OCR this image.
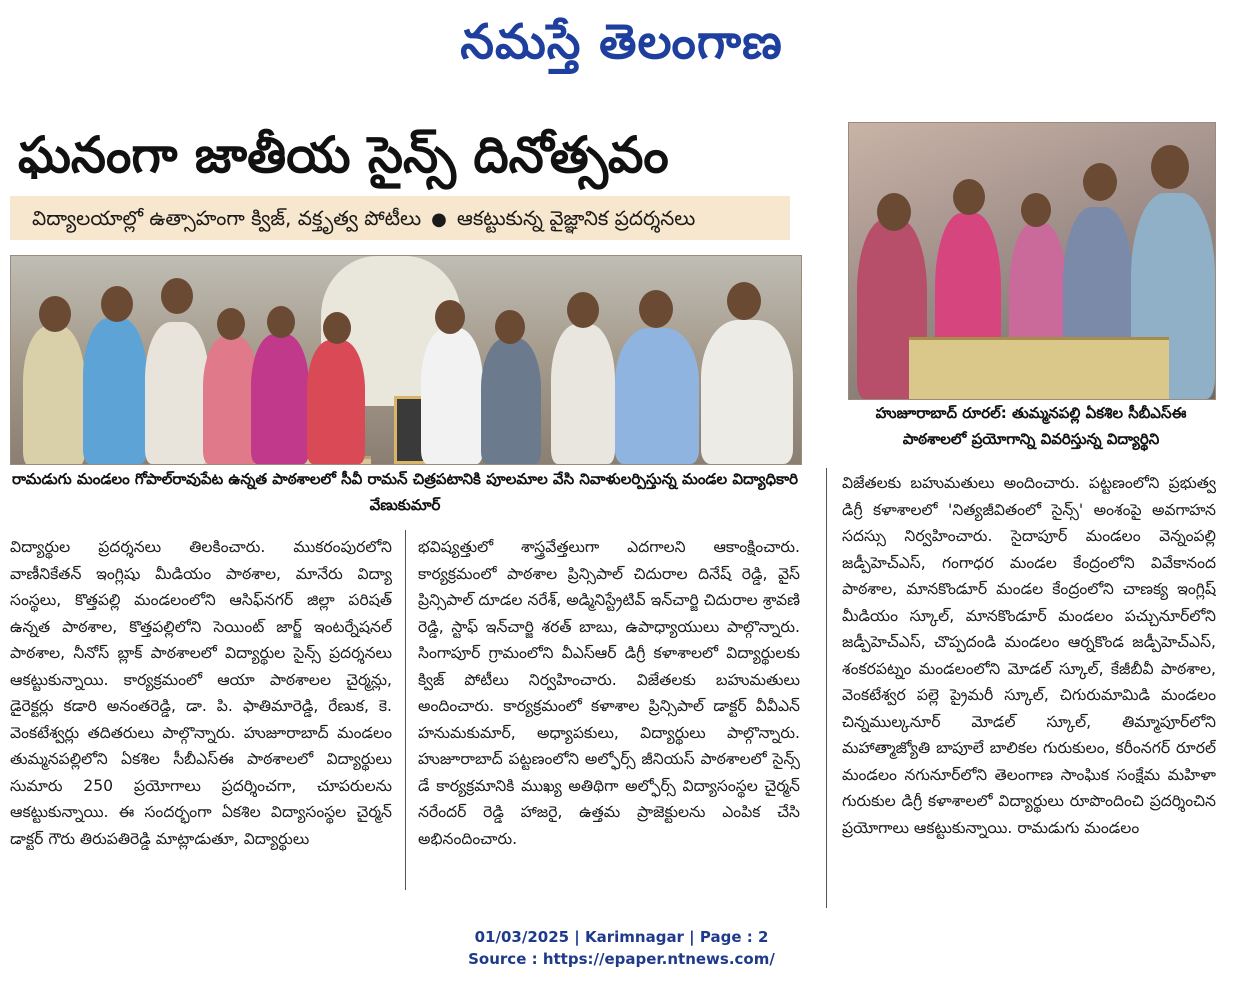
నమస్తే తెలంగాణ
ఘనంగా జాతీయ సైన్స్ దినోత్సవం
విద్యాలయాల్లో ఉత్సాహంగా క్విజ్, వక్తృత్వ పోటీలు ● ఆకట్టుకున్న వైజ్ఞానిక ప్రదర్శనలు
రామడుగు మండలం గోపాల్‌రావుపేట ఉన్నత పాఠశాలలో సీవీ రామన్ చిత్రపటానికి పూలమాల వేసి నివాళులర్పిస్తున్న మండల విద్యాధికారి వేణుకుమార్
హుజూరాబాద్ రూరల్: తుమ్మనపల్లి ఏకశిల సీబీఎస్ఈ పాఠశాలలో ప్రయోగాన్ని వివరిస్తున్న విద్యార్థిని
విద్యార్థుల ప్రదర్శనలు తిలకించారు. ముకరంపురలోని వాణీనికేతన్ ఇంగ్లిషు మీడియం పాఠశాల, మానేరు విద్యా సంస్థలు, కొత్తపల్లి మండలంలోని ఆసిఫ్‌నగర్ జిల్లా పరిషత్ ఉన్నత పాఠశాల, కొత్తపల్లిలోని సెయింట్ జార్జ్ ఇంటర్నేషనల్ పాఠశాల, నీనోస్ బ్లాక్ పాఠశాలలో విద్యార్థుల సైన్స్ ప్రదర్శనలు ఆకట్టుకున్నాయి. కార్యక్రమంలో ఆయా పాఠశాలల చైర్మన్లు, డైరెక్టర్లు కడారి అనంతరెడ్డి, డా. పి. ఫాతిమారెడ్డి, రేణుక, కె. వెంకటేశ్వర్లు తదితరులు పాల్గొన్నారు. హుజూరాబాద్ మండలం తుమ్మనపల్లిలోని ఏకశిల సీబీఎస్ఈ పాఠశాలలో విద్యార్థులు సుమారు 250 ప్రయోగాలు ప్రదర్శించగా, చూపరులను ఆకట్టుకున్నాయి. ఈ సందర్భంగా ఏకశిల విద్యాసంస్థల చైర్మన్ డాక్టర్ గౌరు తిరుపతిరెడ్డి మాట్లాడుతూ, విద్యార్థులు
భవిష్యత్తులో శాస్త్రవేత్తలుగా ఎదగాలని ఆకాంక్షించారు. కార్యక్రమంలో పాఠశాల ప్రిన్సిపాల్ చిదురాల దినేష్ రెడ్డి, వైస్ ప్రిన్సిపాల్ దూడల నరేశ్, అడ్మినిస్ట్రేటివ్ ఇన్‌చార్జి చిదురాల శ్రావణి రెడ్డి, స్టాఫ్ ఇన్‌చార్జి శరత్ బాబు, ఉపాధ్యాయులు పాల్గొన్నారు. సింగాపూర్ గ్రామంలోని వీఎస్ఆర్ డిగ్రీ కళాశాలలో విద్యార్థులకు క్విజ్ పోటీలు నిర్వహించారు. విజేతలకు బహుమతులు అందించారు. కార్యక్రమంలో కళాశాల ప్రిన్సిపాల్ డాక్టర్ వీవీఎన్ హనుమకుమార్, అధ్యాపకులు, విద్యార్థులు పాల్గొన్నారు. హుజూరాబాద్ పట్టణంలోని అల్ఫోర్స్ జీనియస్ పాఠశాలలో సైన్స్ డే కార్యక్రమానికి ముఖ్య అతిథిగా అల్ఫోర్స్ విద్యాసంస్థల చైర్మన్ నరేందర్ రెడ్డి హాజరై, ఉత్తమ ప్రాజెక్టులను ఎంపిక చేసి అభినందించారు.
విజేతలకు బహుమతులు అందించారు. పట్టణంలోని ప్రభుత్వ డిగ్రీ కళాశాలలో 'నిత్యజీవితంలో సైన్స్' అంశంపై అవగాహన సదస్సు నిర్వహించారు. సైదాపూర్ మండలం వెన్నంపల్లి జడ్పీహెచ్ఎస్, గంగాధర మండల కేంద్రంలోని వివేకానంద పాఠశాల, మానకొండూర్ మండల కేంద్రంలోని చాణక్య ఇంగ్లిష్ మీడియం స్కూల్, మానకొండూర్ మండలం పచ్చునూర్‌లోని జడ్పీహెచ్ఎస్, చొప్పదండి మండలం ఆర్నకొండ జడ్పీహెచ్ఎస్, శంకరపట్నం మండలంలోని మోడల్ స్కూల్, కేజీబీవీ పాఠశాల, వెంకటేశ్వర పల్లె ప్రైమరీ స్కూల్, చిగురుమామిడి మండలం చిన్నముల్కనూర్ మోడల్ స్కూల్, తిమ్మాపూర్‌లోని మహాత్మాజ్యోతి బాపూలే బాలికల గురుకులం, కరీంనగర్ రూరల్ మండలం నగునూర్‌లోని తెలంగాణ సాంఘిక సంక్షేమ మహిళా గురుకుల డిగ్రీ కళాశాలలో విద్యార్థులు రూపొందించి ప్రదర్శించిన ప్రయోగాలు ఆకట్టుకున్నాయి. రామడుగు మండలం
01/03/2025 | Karimnagar | Page : 2
Source : https://epaper.ntnews.com/
